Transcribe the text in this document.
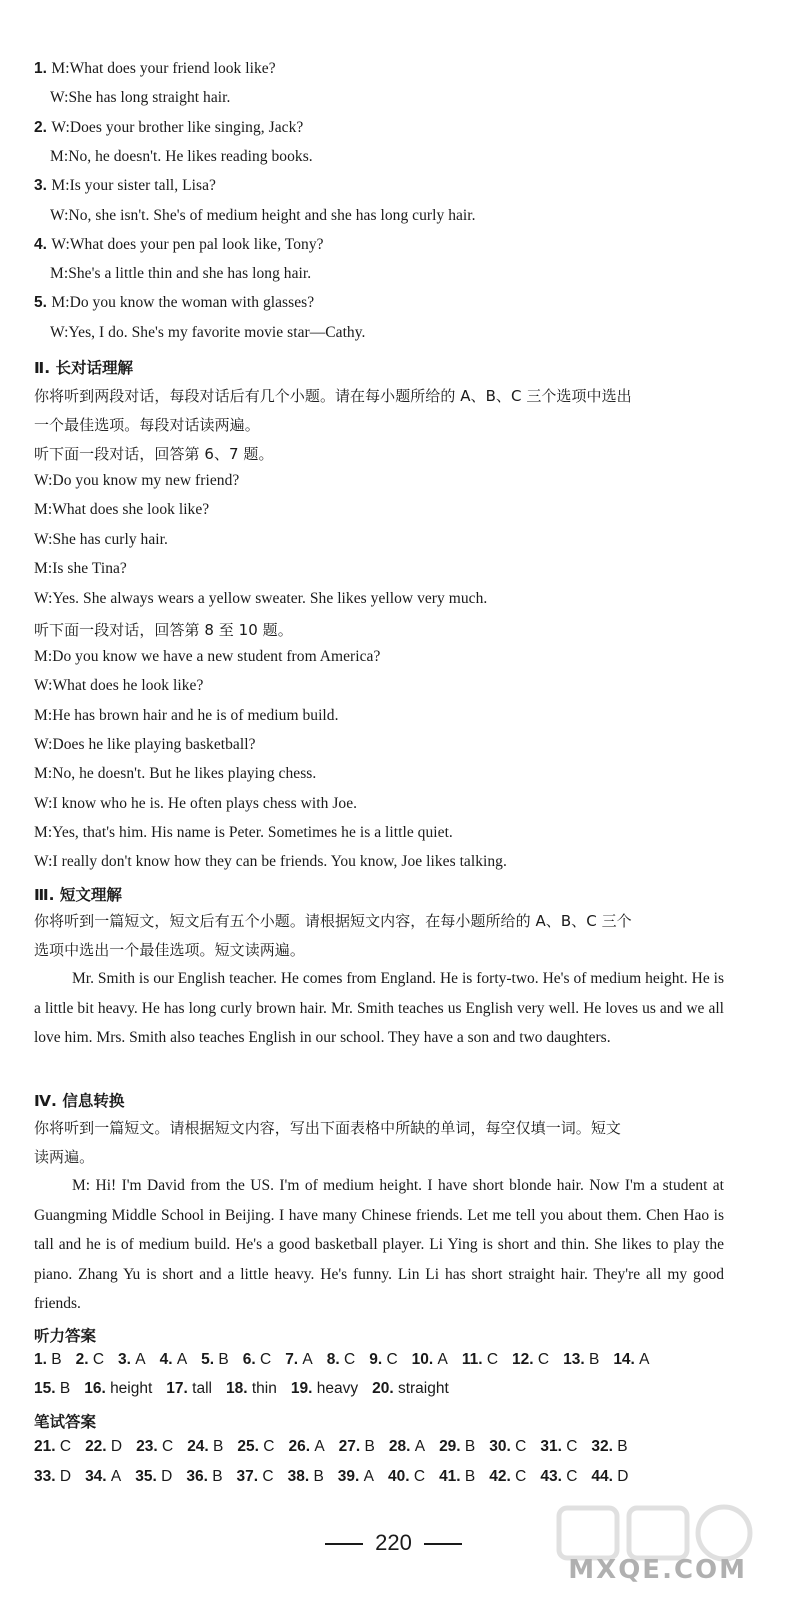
1. M:What does your friend look like?
W:She has long straight hair.
2. W:Does your brother like singing, Jack?
M:No, he doesn't. He likes reading books.
3. M:Is your sister tall, Lisa?
W:No, she isn't. She's of medium height and she has long curly hair.
4. W:What does your pen pal look like, Tony?
M:She's a little thin and she has long hair.
5. M:Do you know the woman with glasses?
W:Yes, I do. She's my favorite movie star—Cathy.
Ⅱ. 长对话理解
你将听到两段对话，每段对话后有几个小题。请在每小题所给的 A、B、C 三个选项中选出
一个最佳选项。每段对话读两遍。
听下面一段对话，回答第 6、7 题。
W:Do you know my new friend?
M:What does she look like?
W:She has curly hair.
M:Is she Tina?
W:Yes. She always wears a yellow sweater. She likes yellow very much.
听下面一段对话，回答第 8 至 10 题。
M:Do you know we have a new student from America?
W:What does he look like?
M:He has brown hair and he is of medium build.
W:Does he like playing basketball?
M:No, he doesn't. But he likes playing chess.
W:I know who he is. He often plays chess with Joe.
M:Yes, that's him. His name is Peter. Sometimes he is a little quiet.
W:I really don't know how they can be friends. You know, Joe likes talking.
Ⅲ. 短文理解
你将听到一篇短文，短文后有五个小题。请根据短文内容，在每小题所给的 A、B、C 三个
选项中选出一个最佳选项。短文读两遍。
Mr. Smith is our English teacher. He comes from England. He is forty-two. He's of medium height. He is a little bit heavy. He has long curly brown hair. Mr. Smith teaches us English very well. He loves us and we all love him. Mrs. Smith also teaches English in our school. They have a son and two daughters.
Ⅳ. 信息转换
你将听到一篇短文。请根据短文内容，写出下面表格中所缺的单词，每空仅填一词。短文
读两遍。
M: Hi! I'm David from the US. I'm of medium height. I have short blonde hair. Now I'm a student at Guangming Middle School in Beijing. I have many Chinese friends. Let me tell you about them. Chen Hao is tall and he is of medium build. He's a good basketball player. Li Ying is short and thin. She likes to play the piano. Zhang Yu is short and a little heavy. He's funny. Lin Li has short straight hair. They're all my good friends.
听力答案
1. B 2. C 3. A 4. A 5. B 6. C 7. A 8. C 9. C 10. A 11. C 12. C 13. B 14. A
15. B 16. height 17. tall 18. thin 19. heavy 20. straight
笔试答案
21. C 22. D 23. C 24. B 25. C 26. A 27. B 28. A 29. B 30. C 31. C 32. B
33. D 34. A 35. D 36. B 37. C 38. B 39. A 40. C 41. B 42. C 43. C 44. D
220
MXQE.COM
